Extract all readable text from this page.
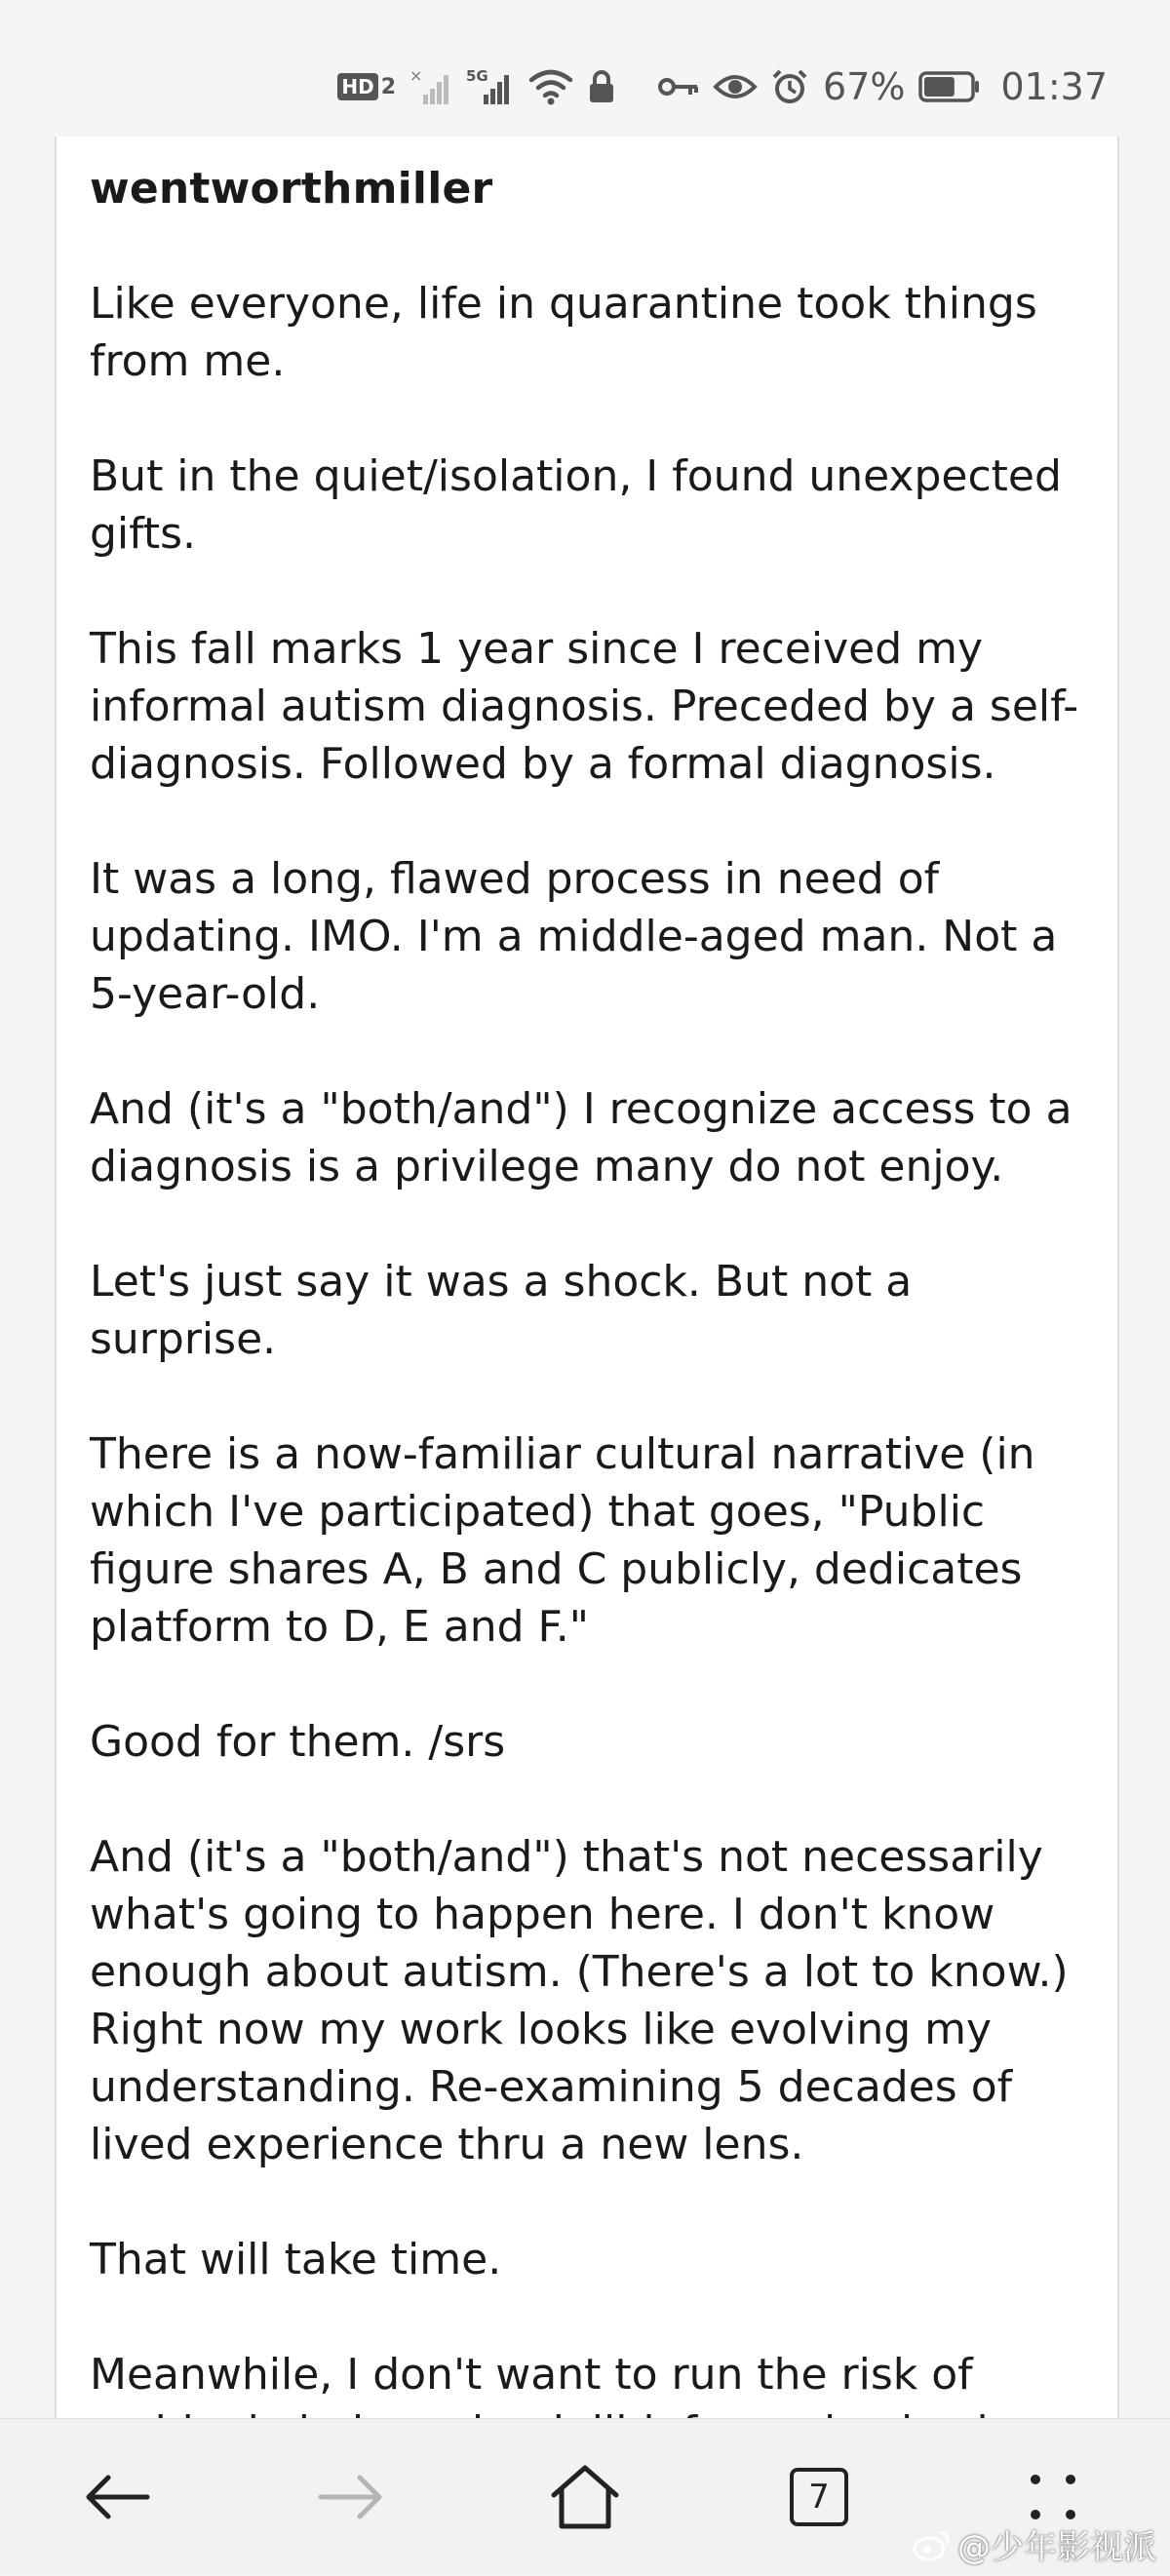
HD 2 ×	5G	67%	01:37
wentworthmiller

Like everyone, life in quarantine took things from me.

But in the quiet/isolation, I found unexpected gifts.

This fall marks 1 year since I received my informal autism diagnosis. Preceded by a self-diagnosis. Followed by a formal diagnosis.

It was a long, flawed process in need of updating. IMO. I'm a middle-aged man. Not a 5-year-old.

And (it's a "both/and") I recognize access to a diagnosis is a privilege many do not enjoy.

Let's just say it was a shock. But not a surprise.

There is a now-familiar cultural narrative (in which I've participated) that goes, "Public figure shares A, B and C publicly, dedicates platform to D, E and F."

Good for them. /srs

And (it's a "both/and") that's not necessarily what's going to happen here. I don't know enough about autism. (There's a lot to know.) Right now my work looks like evolving my understanding. Re-examining 5 decades of lived experience thru a new lens.

That will take time.

Meanwhile, I don't want to run the risk of

7
@少年影视派
